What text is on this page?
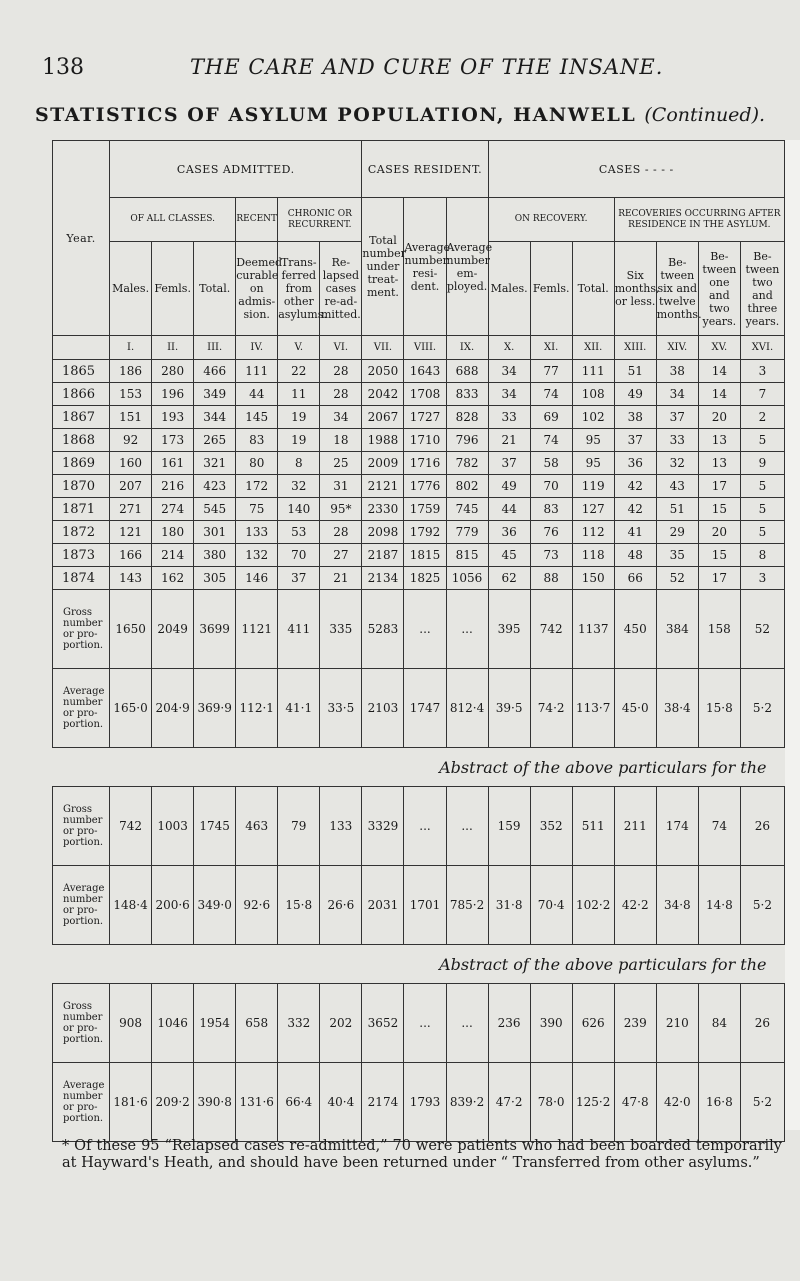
138	THE CARE AND CURE OF THE INSANE.
STATISTICS OF ASYLUM POPULATION, HANWELL (Continued).
Year.	CASES ADMITTED.						CASES RESIDENT.			CASES - - - -						
	OF ALL CLASSES.			RECENT	CHRONIC OR RECURRENT.		Total number under treat-ment.	Average number resi-dent.	Average number em-ployed.	ON RECOVERY.			RECOVERIES OCCURRING AFTER RESIDENCE IN THE ASYLUM.			
	Males.	Femls.	Total.	Deemed curable on admis-sion.	Trans-ferred from other asylums.	Re-lapsed cases re-ad-mitted.				Males.	Femls.	Total.	Six months, or less.	Be-tween six and twelve months.	Be-tween one and two years.	Be-tween two and three years.
	I.	II.	III.	IV.	V.	VI.	VII.	VIII.	IX.	X.	XI.	XII.	XIII.	XIV.	XV.	XVI.
1865	186	280	466	111	22	28	2050	1643	688	34	77	111	51	38	14	3
1866	153	196	349	44	11	28	2042	1708	833	34	74	108	49	34	14	7
1867	151	193	344	145	19	34	2067	1727	828	33	69	102	38	37	20	2
1868	92	173	265	83	19	18	1988	1710	796	21	74	95	37	33	13	5
1869	160	161	321	80	8	25	2009	1716	782	37	58	95	36	32	13	9
1870	207	216	423	172	32	31	2121	1776	802	49	70	119	42	43	17	5
1871	271	274	545	75	140	95*	2330	1759	745	44	83	127	42	51	15	5
1872	121	180	301	133	53	28	2098	1792	779	36	76	112	41	29	20	5
1873	166	214	380	132	70	27	2187	1815	815	45	73	118	48	35	15	8
1874	143	162	305	146	37	21	2134	1825	1056	62	88	150	66	52	17	3
Gross number or pro-portion.	1650	2049	3699	1121	411	335	5283	...	...	395	742	1137	450	384	158	52
Average number or pro-portion.	165·0	204·9	369·9	112·1	41·1	33·5	2103	1747	812·4	39·5	74·2	113·7	45·0	38·4	15·8	5·2
Abstract of the above particulars for the																
Gross number or pro-portion.	742	1003	1745	463	79	133	3329	...	...	159	352	511	211	174	74	26
Average number or pro-portion.	148·4	200·6	349·0	92·6	15·8	26·6	2031	1701	785·2	31·8	70·4	102·2	42·2	34·8	14·8	5·2
Abstract of the above particulars for the																
Gross number or pro-portion.	908	1046	1954	658	332	202	3652	...	...	236	390	626	239	210	84	26
Average number or pro-portion.	181·6	209·2	390·8	131·6	66·4	40·4	2174	1793	839·2	47·2	78·0	125·2	47·8	42·0	16·8	5·2
* Of these 95 “Relapsed cases re-admitted,” 70 were patients who had been boarded temporarily at Hayward's Heath, and should have been returned under “ Transferred from other asylums.”
